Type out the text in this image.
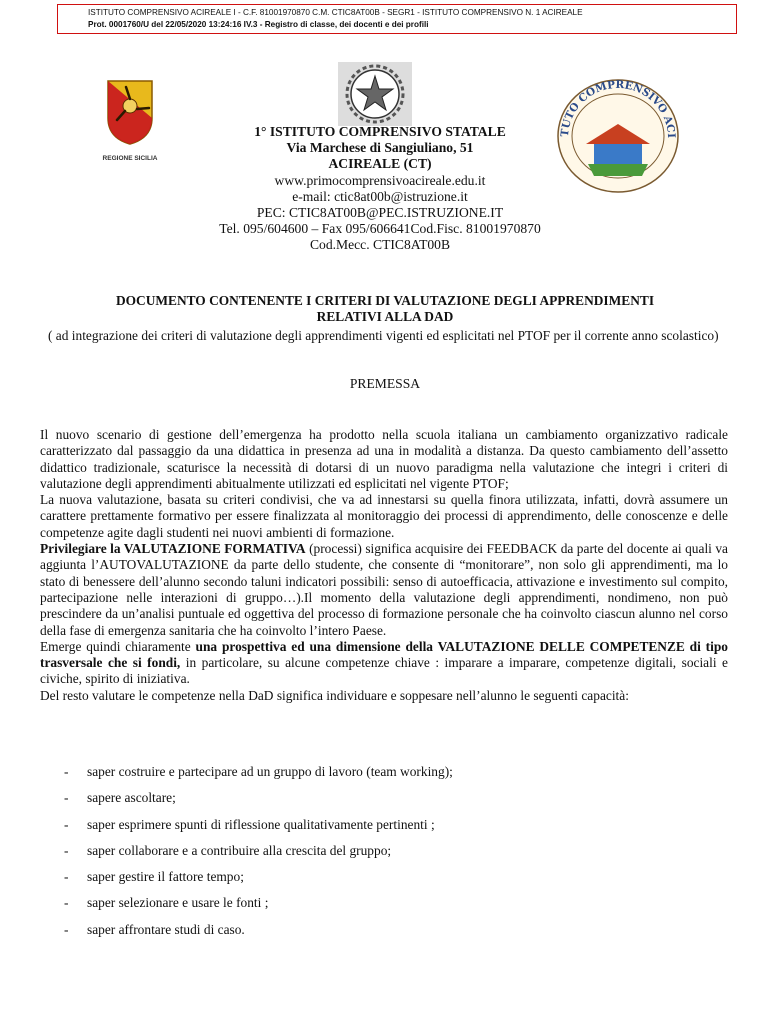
ISTITUTO COMPRENSIVO ACIREALE I - C.F. 81001970870 C.M. CTIC8AT00B - SEGR1 - ISTITUTO COMPRENSIVO N. 1 ACIREALE
Prot. 0001760/U del 22/05/2020 13:24:16 IV.3 - Registro di classe, dei docenti e dei profili
REGIONE SICILIA
TUTO COMPRENSIVO ACI
1° ISTITUTO COMPRENSIVO STATALE
Via Marchese di Sangiuliano, 51
ACIREALE (CT)
www.primocomprensivoacireale.edu.it
e-mail: ctic8at00b@istruzione.it
PEC: CTIC8AT00B@PEC.ISTRUZIONE.IT
Tel. 095/604600 – Fax 095/606641Cod.Fisc. 81001970870
Cod.Mecc. CTIC8AT00B
DOCUMENTO CONTENENTE I CRITERI DI VALUTAZIONE DEGLI APPRENDIMENTI
RELATIVI ALLA DAD
( ad integrazione dei criteri di valutazione degli apprendimenti vigenti ed esplicitati nel PTOF per il corrente anno scolastico)
PREMESSA

Il nuovo scenario di gestione dell’emergenza ha prodotto nella scuola italiana un cambiamento organizzativo radicale caratterizzato dal passaggio da una didattica in presenza ad una in modalità a distanza. Da questo cambiamento dell’assetto didattico tradizionale, scaturisce la necessità di dotarsi di un nuovo paradigma nella valutazione che integri i criteri di valutazione degli apprendimenti abitualmente utilizzati ed esplicitati nel vigente PTOF;

La nuova valutazione, basata su criteri condivisi, che va ad innestarsi su quella finora utilizzata, infatti, dovrà assumere un carattere prettamente formativo per essere finalizzata al monitoraggio dei processi di apprendimento, delle conoscenze e delle competenze agite dagli studenti nei nuovi ambienti di formazione.

Privilegiare la VALUTAZIONE FORMATIVA (processi) significa acquisire dei FEEDBACK da parte del docente ai quali va aggiunta l’AUTOVALUTAZIONE da parte dello studente, che consente di “monitorare”, non solo gli apprendimenti, ma lo stato di benessere dell’alunno secondo taluni indicatori possibili: senso di autoefficacia, attivazione e investimento sul compito, partecipazione nelle interazioni di gruppo…).Il momento della valutazione degli apprendimenti, nondimeno, non può prescindere da un’analisi puntuale ed oggettiva del processo di formazione personale che ha coinvolto ciascun alunno nel corso della fase di emergenza sanitaria che ha coinvolto l’intero Paese.

Emerge quindi chiaramente una prospettiva ed una dimensione della VALUTAZIONE DELLE COMPETENZE di tipo trasversale che si fondi, in particolare, su alcune competenze chiave : imparare a imparare, competenze digitali, sociali e civiche, spirito di iniziativa.

Del resto valutare le competenze nella DaD significa individuare e soppesare nell’alunno le seguenti capacità:

- saper costruire e partecipare ad un gruppo di lavoro (team working);
- sapere ascoltare;
- saper esprimere spunti di riflessione qualitativamente pertinenti ;
- saper collaborare e a contribuire alla crescita del gruppo;
- saper gestire il fattore tempo;
- saper selezionare e usare le fonti ;
- saper affrontare studi di caso.
